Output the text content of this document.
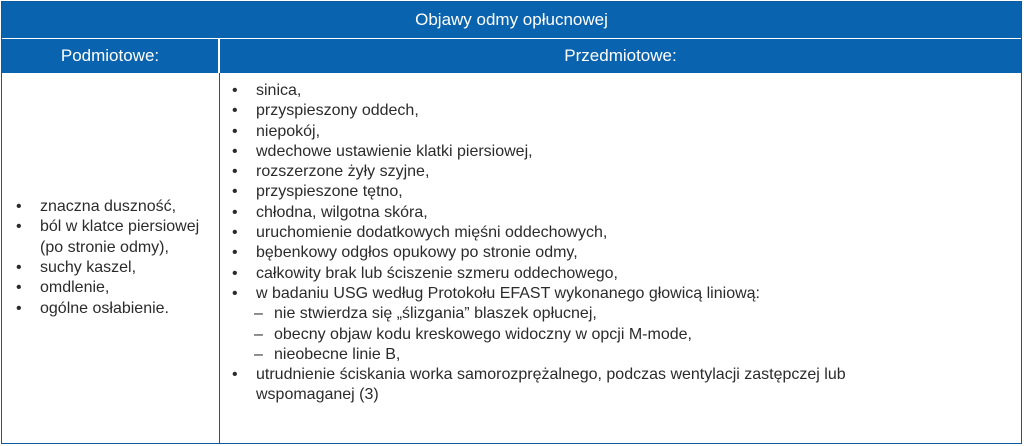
Objawy odmy opłucnowej
Podmiotowe:	Przedmiotowe:
• znaczna duszność,
• ból w klatce piersiowej (po stronie odmy),
• suchy kaszel,
• omdlenie,
• ogólne osłabienie.
• sinica,
• przyspieszony oddech,
• niepokój,
• wdechowe ustawienie klatki piersiowej,
• rozszerzone żyły szyjne,
• przyspieszone tętno,
• chłodna, wilgotna skóra,
• uruchomienie dodatkowych mięśni oddechowych,
• bębenkowy odgłos opukowy po stronie odmy,
• całkowity brak lub ściszenie szmeru oddechowego,
• w badaniu USG według Protokołu EFAST wykonanego głowicą liniową:
– nie stwierdza się „ślizgania” blaszek opłucnej,
– obecny objaw kodu kreskowego widoczny w opcji M-mode,
– nieobecne linie B,
• utrudnienie ściskania worka samorozprężalnego, podczas wentylacji zastępczej lub wspomaganej (3)
